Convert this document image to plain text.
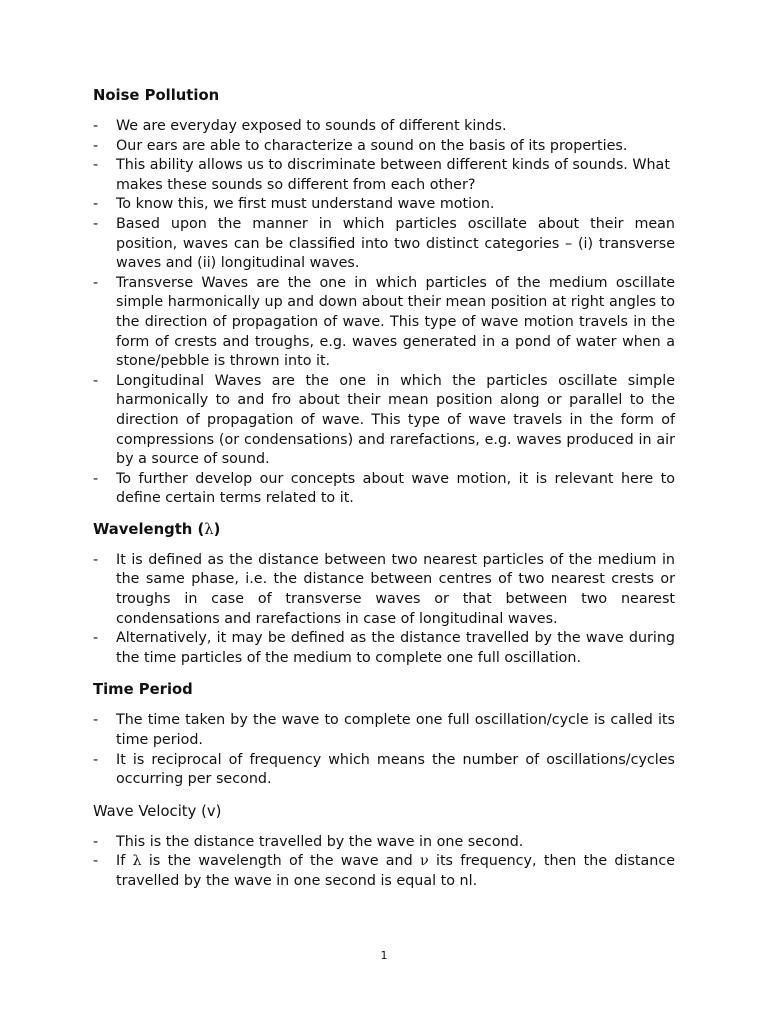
Noise Pollution
- We are everyday exposed to sounds of different kinds.
- Our ears are able to characterize a sound on the basis of its properties.
- This ability allows us to discriminate between different kinds of sounds. What makes these sounds so different from each other?
- To know this, we first must understand wave motion.
- Based upon the manner in which particles oscillate about their mean position, waves can be classified into two distinct categories – (i) transverse waves and (ii) longitudinal waves.
- Transverse Waves are the one in which particles of the medium oscillate simple harmonically up and down about their mean position at right angles to the direction of propagation of wave. This type of wave motion travels in the form of crests and troughs, e.g. waves generated in a pond of water when a stone/pebble is thrown into it.
- Longitudinal Waves are the one in which the particles oscillate simple harmonically to and fro about their mean position along or parallel to the direction of propagation of wave. This type of wave travels in the form of compressions (or condensations) and rarefactions, e.g. waves produced in air by a source of sound.
- To further develop our concepts about wave motion, it is relevant here to define certain terms related to it.
Wavelength (λ)
- It is defined as the distance between two nearest particles of the medium in the same phase, i.e. the distance between centres of two nearest crests or troughs in case of transverse waves or that between two nearest condensations and rarefactions in case of longitudinal waves.
- Alternatively, it may be defined as the distance travelled by the wave during the time particles of the medium to complete one full oscillation.
Time Period
- The time taken by the wave to complete one full oscillation/cycle is called its time period.
- It is reciprocal of frequency which means the number of oscillations/cycles occurring per second.
Wave Velocity (v)
- This is the distance travelled by the wave in one second.
- If λ is the wavelength of the wave and ν its frequency, then the distance travelled by the wave in one second is equal to nl.
1
